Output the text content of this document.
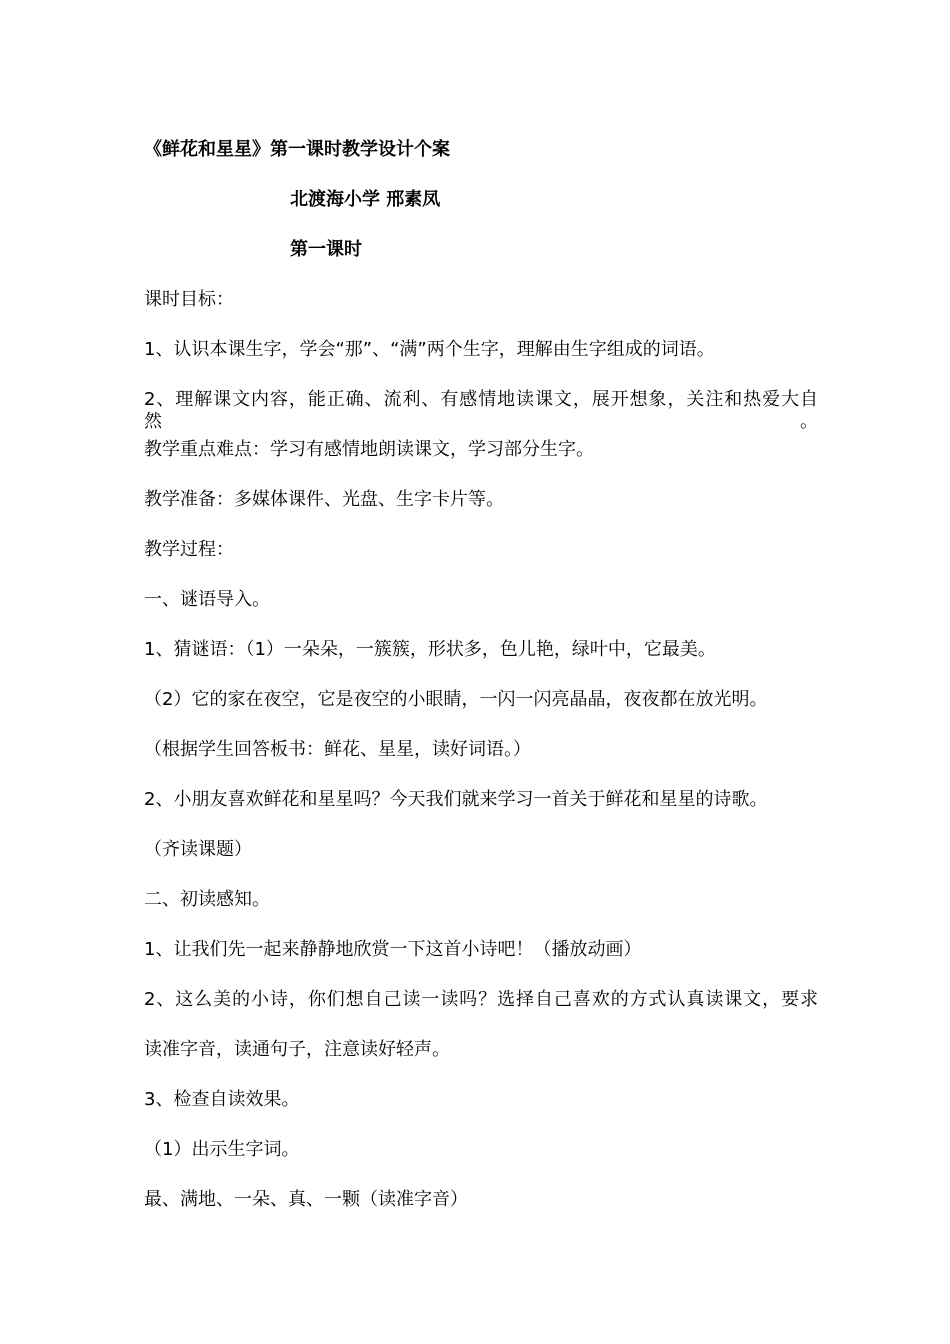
《鲜花和星星》第一课时教学设计个案
北渡海小学 邢素凤
第一课时
课时目标：
1、认识本课生字，学会“那”、“满”两个生字，理解由生字组成的词语。
2、理解课文内容，能正确、流利、有感情地读课文，展开想象，关注和热爱大自然。
教学重点难点：学习有感情地朗读课文，学习部分生字。
教学准备：多媒体课件、光盘、生字卡片等。
教学过程：
一、谜语导入。
1、猜谜语：（1）一朵朵，一簇簇，形状多，色儿艳，绿叶中，它最美。
（2）它的家在夜空，它是夜空的小眼睛，一闪一闪亮晶晶，夜夜都在放光明。
（根据学生回答板书：鲜花、星星，读好词语。）
2、小朋友喜欢鲜花和星星吗？今天我们就来学习一首关于鲜花和星星的诗歌。
（齐读课题）
二、初读感知。
1、让我们先一起来静静地欣赏一下这首小诗吧！（播放动画）
2、这么美的小诗，你们想自己读一读吗？选择自己喜欢的方式认真读课文，要求
读准字音，读通句子，注意读好轻声。
3、检查自读效果。
（1）出示生字词。
最、满地、一朵、真、一颗（读准字音）
